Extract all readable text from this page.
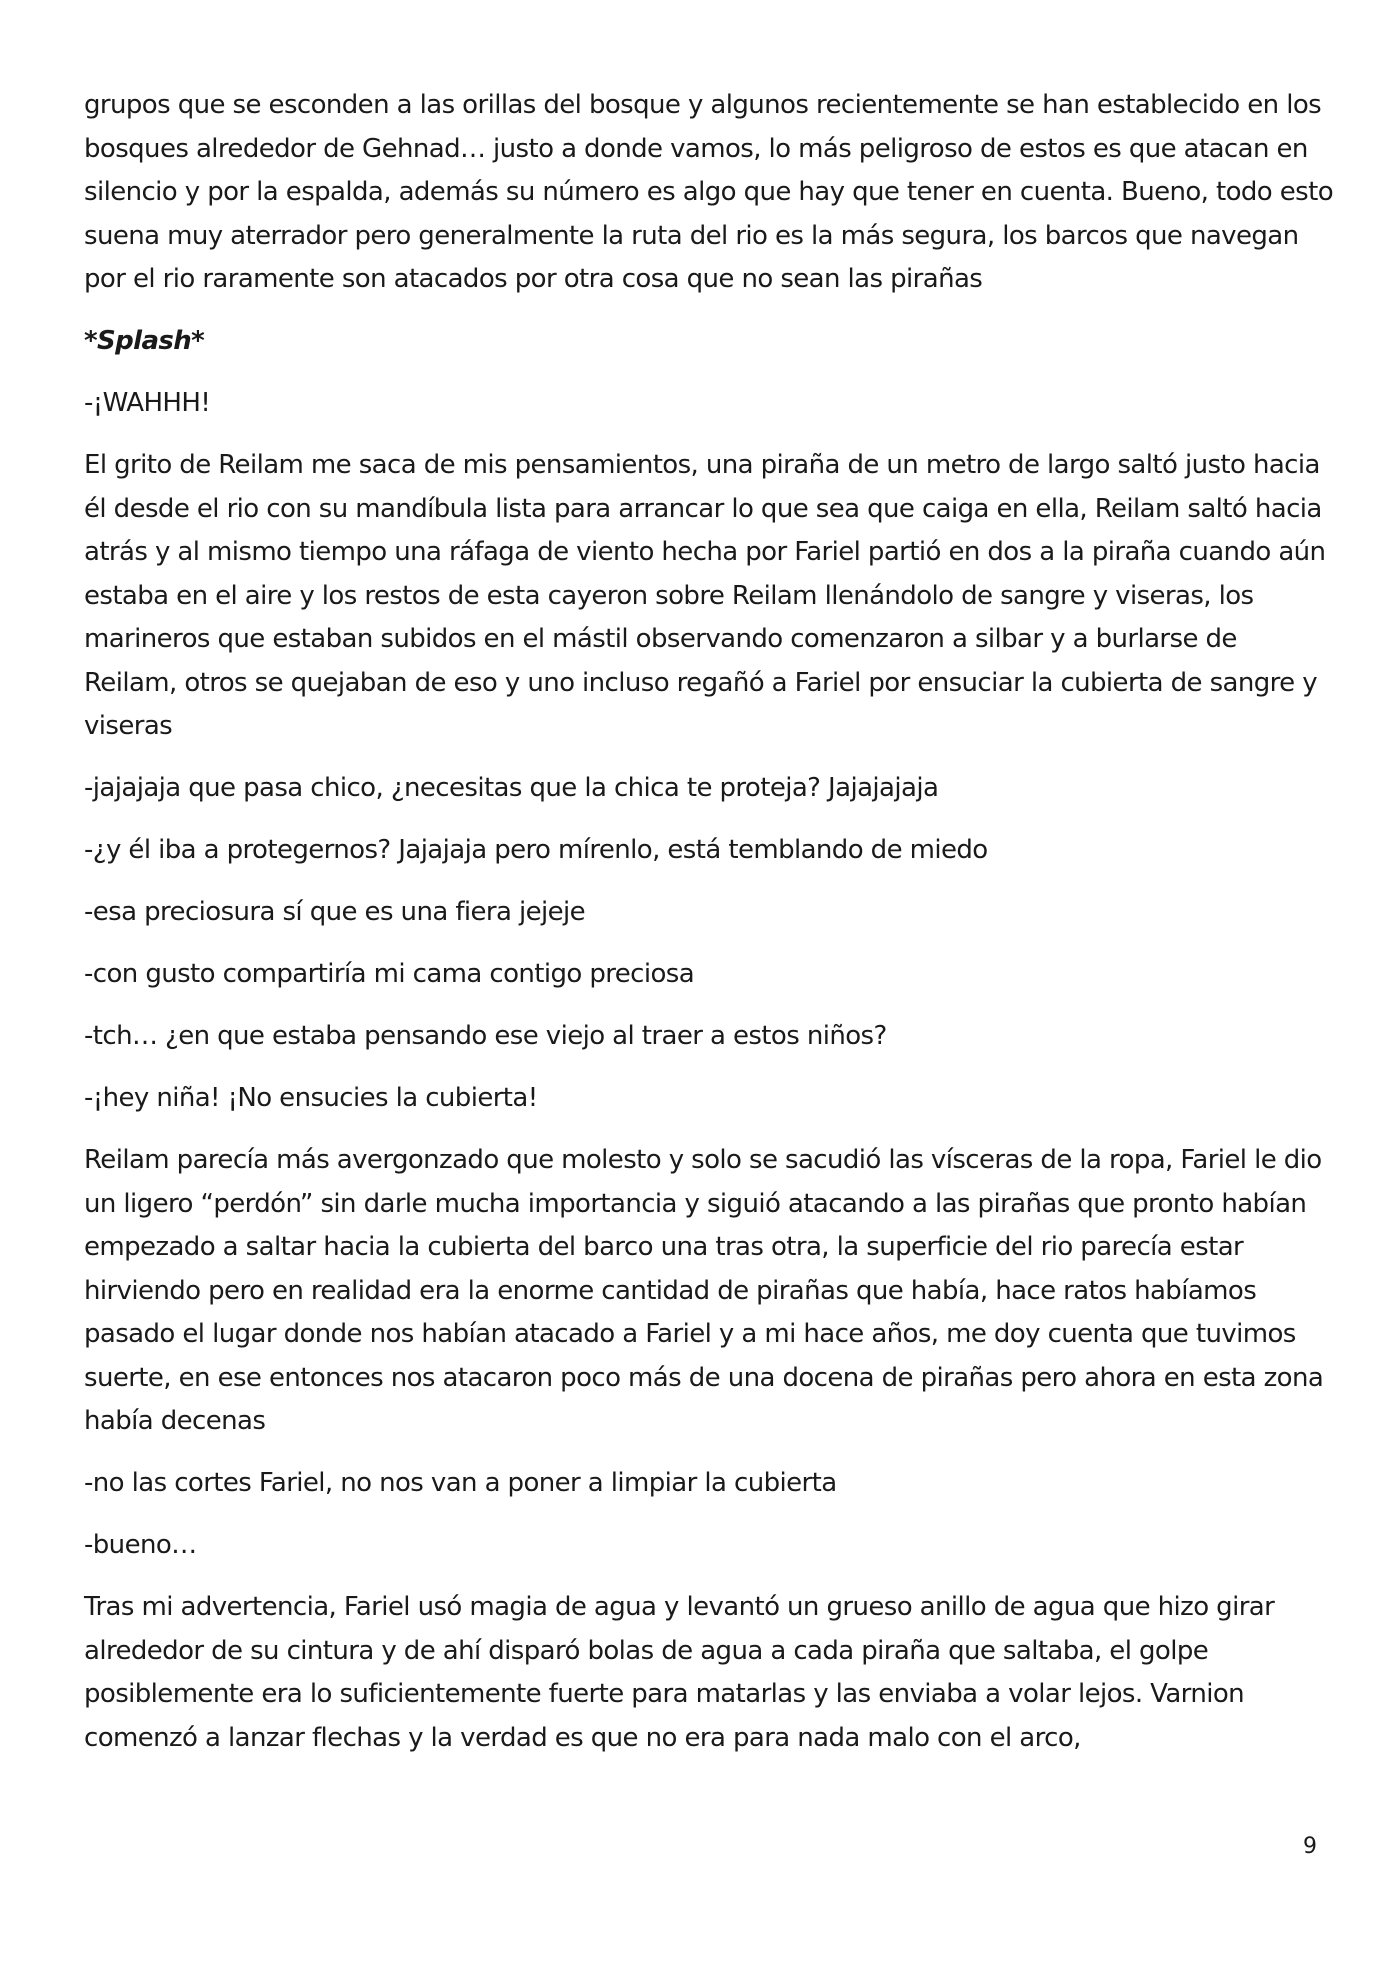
grupos que se esconden a las orillas del bosque y algunos recientemente se han establecido en los bosques alrededor de Gehnad… justo a donde vamos, lo más peligroso de estos es que atacan en silencio y por la espalda, además su número es algo que hay que tener en cuenta. Bueno, todo esto suena muy aterrador pero generalmente la ruta del rio es la más segura, los barcos que navegan por el rio raramente son atacados por otra cosa que no sean las pirañas

*Splash*

-¡WAHHH!

El grito de Reilam me saca de mis pensamientos, una piraña de un metro de largo saltó justo hacia él desde el rio con su mandíbula lista para arrancar lo que sea que caiga en ella, Reilam saltó hacia atrás y al mismo tiempo una ráfaga de viento hecha por Fariel partió en dos a la piraña cuando aún estaba en el aire y los restos de esta cayeron sobre Reilam llenándolo de sangre y viseras, los marineros que estaban subidos en el mástil observando comenzaron a silbar y a burlarse de Reilam, otros se quejaban de eso y uno incluso regañó a Fariel por ensuciar la cubierta de sangre y viseras

-jajajaja que pasa chico, ¿necesitas que la chica te proteja? Jajajajaja

-¿y él iba a protegernos? Jajajaja pero mírenlo, está temblando de miedo

-esa preciosura sí que es una fiera jejeje

-con gusto compartiría mi cama contigo preciosa

-tch… ¿en que estaba pensando ese viejo al traer a estos niños?

-¡hey niña! ¡No ensucies la cubierta!

Reilam parecía más avergonzado que molesto y solo se sacudió las vísceras de la ropa, Fariel le dio un ligero “perdón” sin darle mucha importancia y siguió atacando a las pirañas que pronto habían empezado a saltar hacia la cubierta del barco una tras otra, la superficie del rio parecía estar hirviendo pero en realidad era la enorme cantidad de pirañas que había, hace ratos habíamos pasado el lugar donde nos habían atacado a Fariel y a mi hace años, me doy cuenta que tuvimos suerte, en ese entonces nos atacaron poco más de una docena de pirañas pero ahora en esta zona había decenas

-no las cortes Fariel, no nos van a poner a limpiar la cubierta

-bueno…

Tras mi advertencia, Fariel usó magia de agua y levantó un grueso anillo de agua que hizo girar alrededor de su cintura y de ahí disparó bolas de agua a cada piraña que saltaba, el golpe posiblemente era lo suficientemente fuerte para matarlas y las enviaba a volar lejos. Varnion comenzó a lanzar flechas y la verdad es que no era para nada malo con el arco,

9
